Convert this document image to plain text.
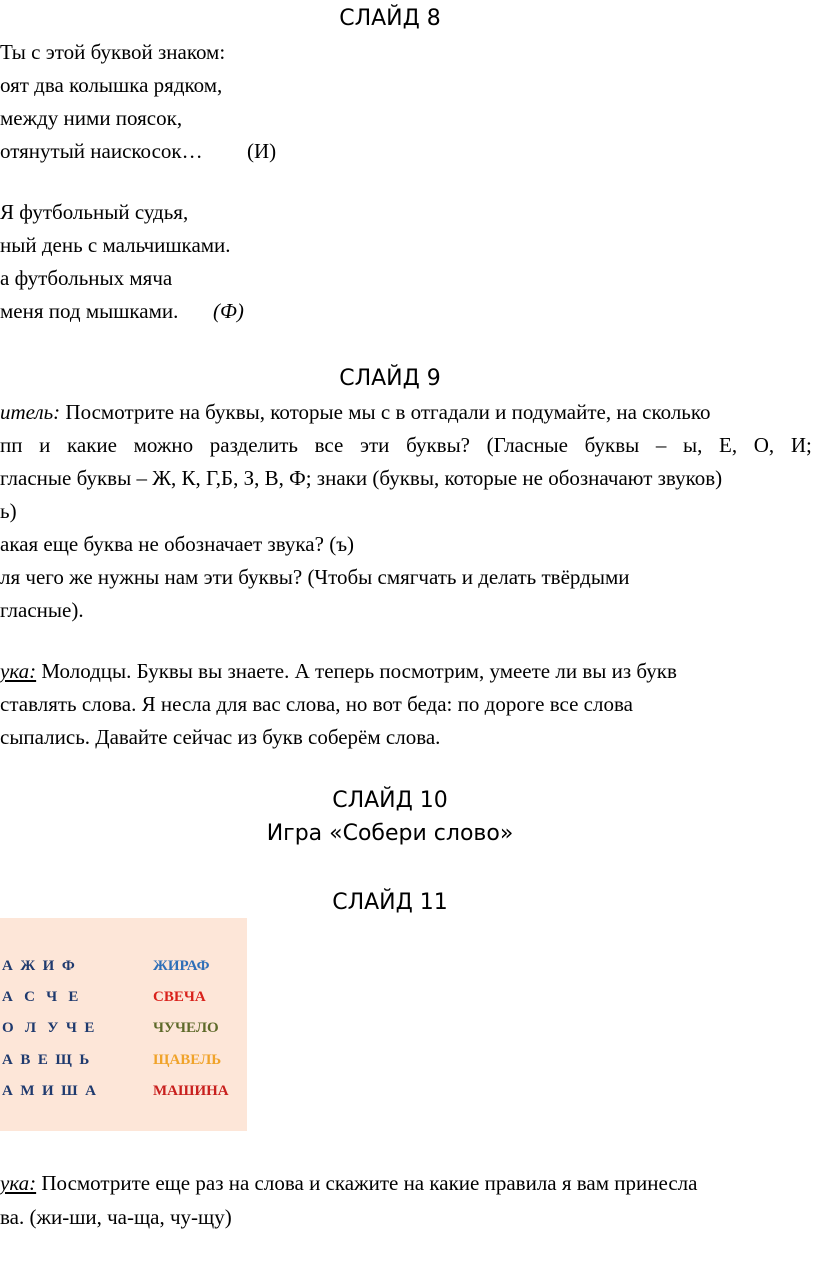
СЛАЙД 8
Ты с этой буквой знаком:
оят два колышка рядком,
между ними поясок,
отянутый наискосок… (И)
Я футбольный судья,
ный день с мальчишками.
а футбольных мяча
меня под мышками. (Ф)
СЛАЙД 9
итель: Посмотрите на буквы, которые мы с в отгадали и подумайте, на сколько
пп и какие можно разделить все эти буквы? (Гласные буквы – ы, Е, О, И;
гласные буквы – Ж, К, Г,Б, З, В, Ф; знаки (буквы, которые не обозначают звуков)
ь)
акая еще буква не обозначает звука? (ъ)
ля чего же нужны нам эти буквы? (Чтобы смягчать и делать твёрдыми
гласные).
ука: Молодцы. Буквы вы знаете. А теперь посмотрим, умеете ли вы из букв
ставлять слова. Я несла для вас слова, но вот беда: по дороге все слова
сыпались. Давайте сейчас из букв соберём слова.
СЛАЙД 10
Игра «Собери слово»
СЛАЙД 11
А  Ж  И  Ф
А   С   Ч   Е
О   Л   У  Ч  Е
А  В  Е  Щ  Ь
А  М  И  Ш  А
ЖИРАФ
СВЕЧА
ЧУЧЕЛО
ЩАВЕЛЬ
МАШИНА
ука: Посмотрите еще раз на слова и скажите на какие правила я вам принесла
ва. (жи-ши, ча-ща, чу-щу)
